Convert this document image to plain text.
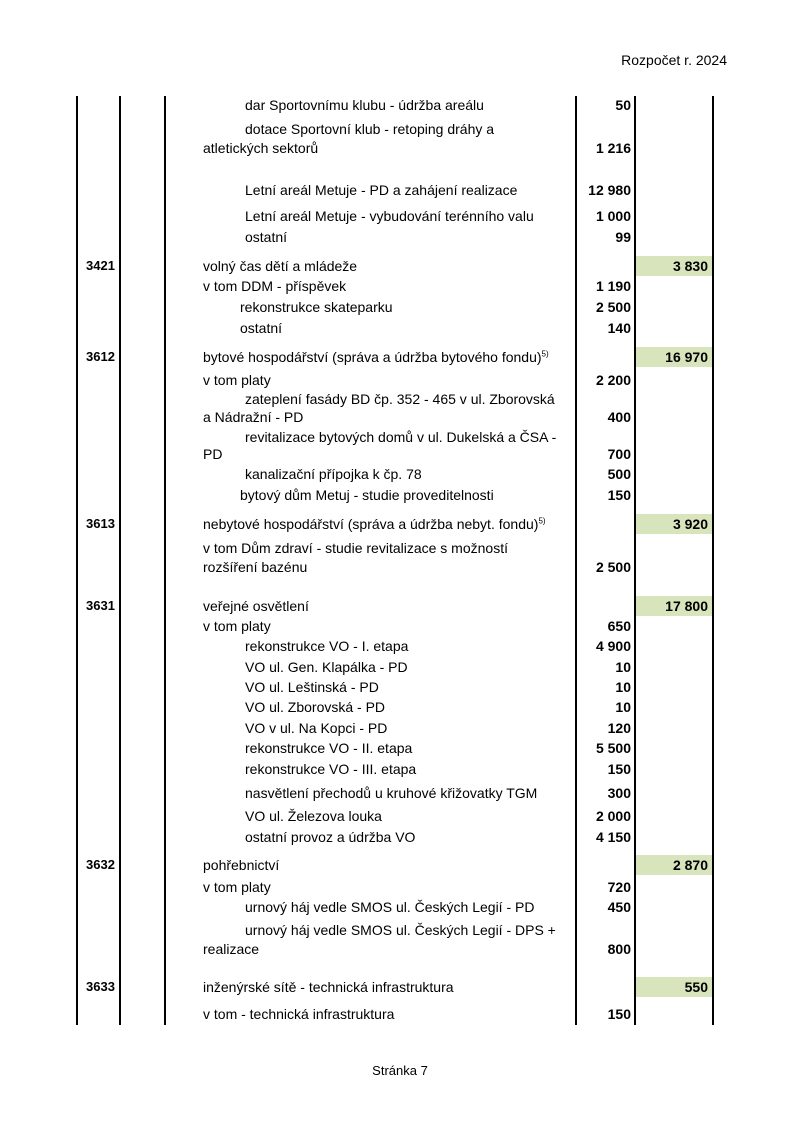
Rozpočet r. 2024
dar Sportovnímu klubu - údržba areálu	50
dotace Sportovní klub - retoping dráhy a
atletických sektorů	1 216
Letní areál Metuje - PD a zahájení realizace	12 980
Letní areál Metuje - vybudování terénního valu	1 000
ostatní	99
3421	volný čas dětí a mládeže	3 830
v tom DDM - příspěvek	1 190
rekonstrukce skateparku	2 500
ostatní	140
3612	bytové hospodářství (správa a údržba bytového fondu)$^{5)}$	16 970
v tom platy	2 200
zateplení fasády BD čp. 352 - 465 v ul. Zborovská
a Nádražní - PD	400
revitalizace bytových domů v ul. Dukelská a ČSA -
PD	700
kanalizační přípojka k čp. 78	500
bytový dům Metuj - studie proveditelnosti	150
3613	nebytové hospodářství (správa a údržba nebyt. fondu)$^{5)}$	3 920
v tom Dům zdraví - studie revitalizace s možností
rozšíření bazénu	2 500
3631	veřejné osvětlení	17 800
v tom platy	650
rekonstrukce VO - I. etapa	4 900
VO ul. Gen. Klapálka - PD	10
VO ul. Leštinská - PD	10
VO ul. Zborovská - PD	10
VO v ul. Na Kopci - PD	120
rekonstrukce VO - II. etapa	5 500
rekonstrukce VO - III. etapa	150
nasvětlení přechodů u kruhové křižovatky TGM	300
VO ul. Železova louka	2 000
ostatní provoz a údržba VO	4 150
3632	pohřebnictví	2 870
v tom platy	720
urnový háj vedle SMOS ul. Českých Legií - PD	450
urnový háj vedle SMOS ul. Českých Legií - DPS +
realizace	800
3633	inženýrské sítě - technická infrastruktura	550
v tom - technická infrastruktura	150
Stránka 7
